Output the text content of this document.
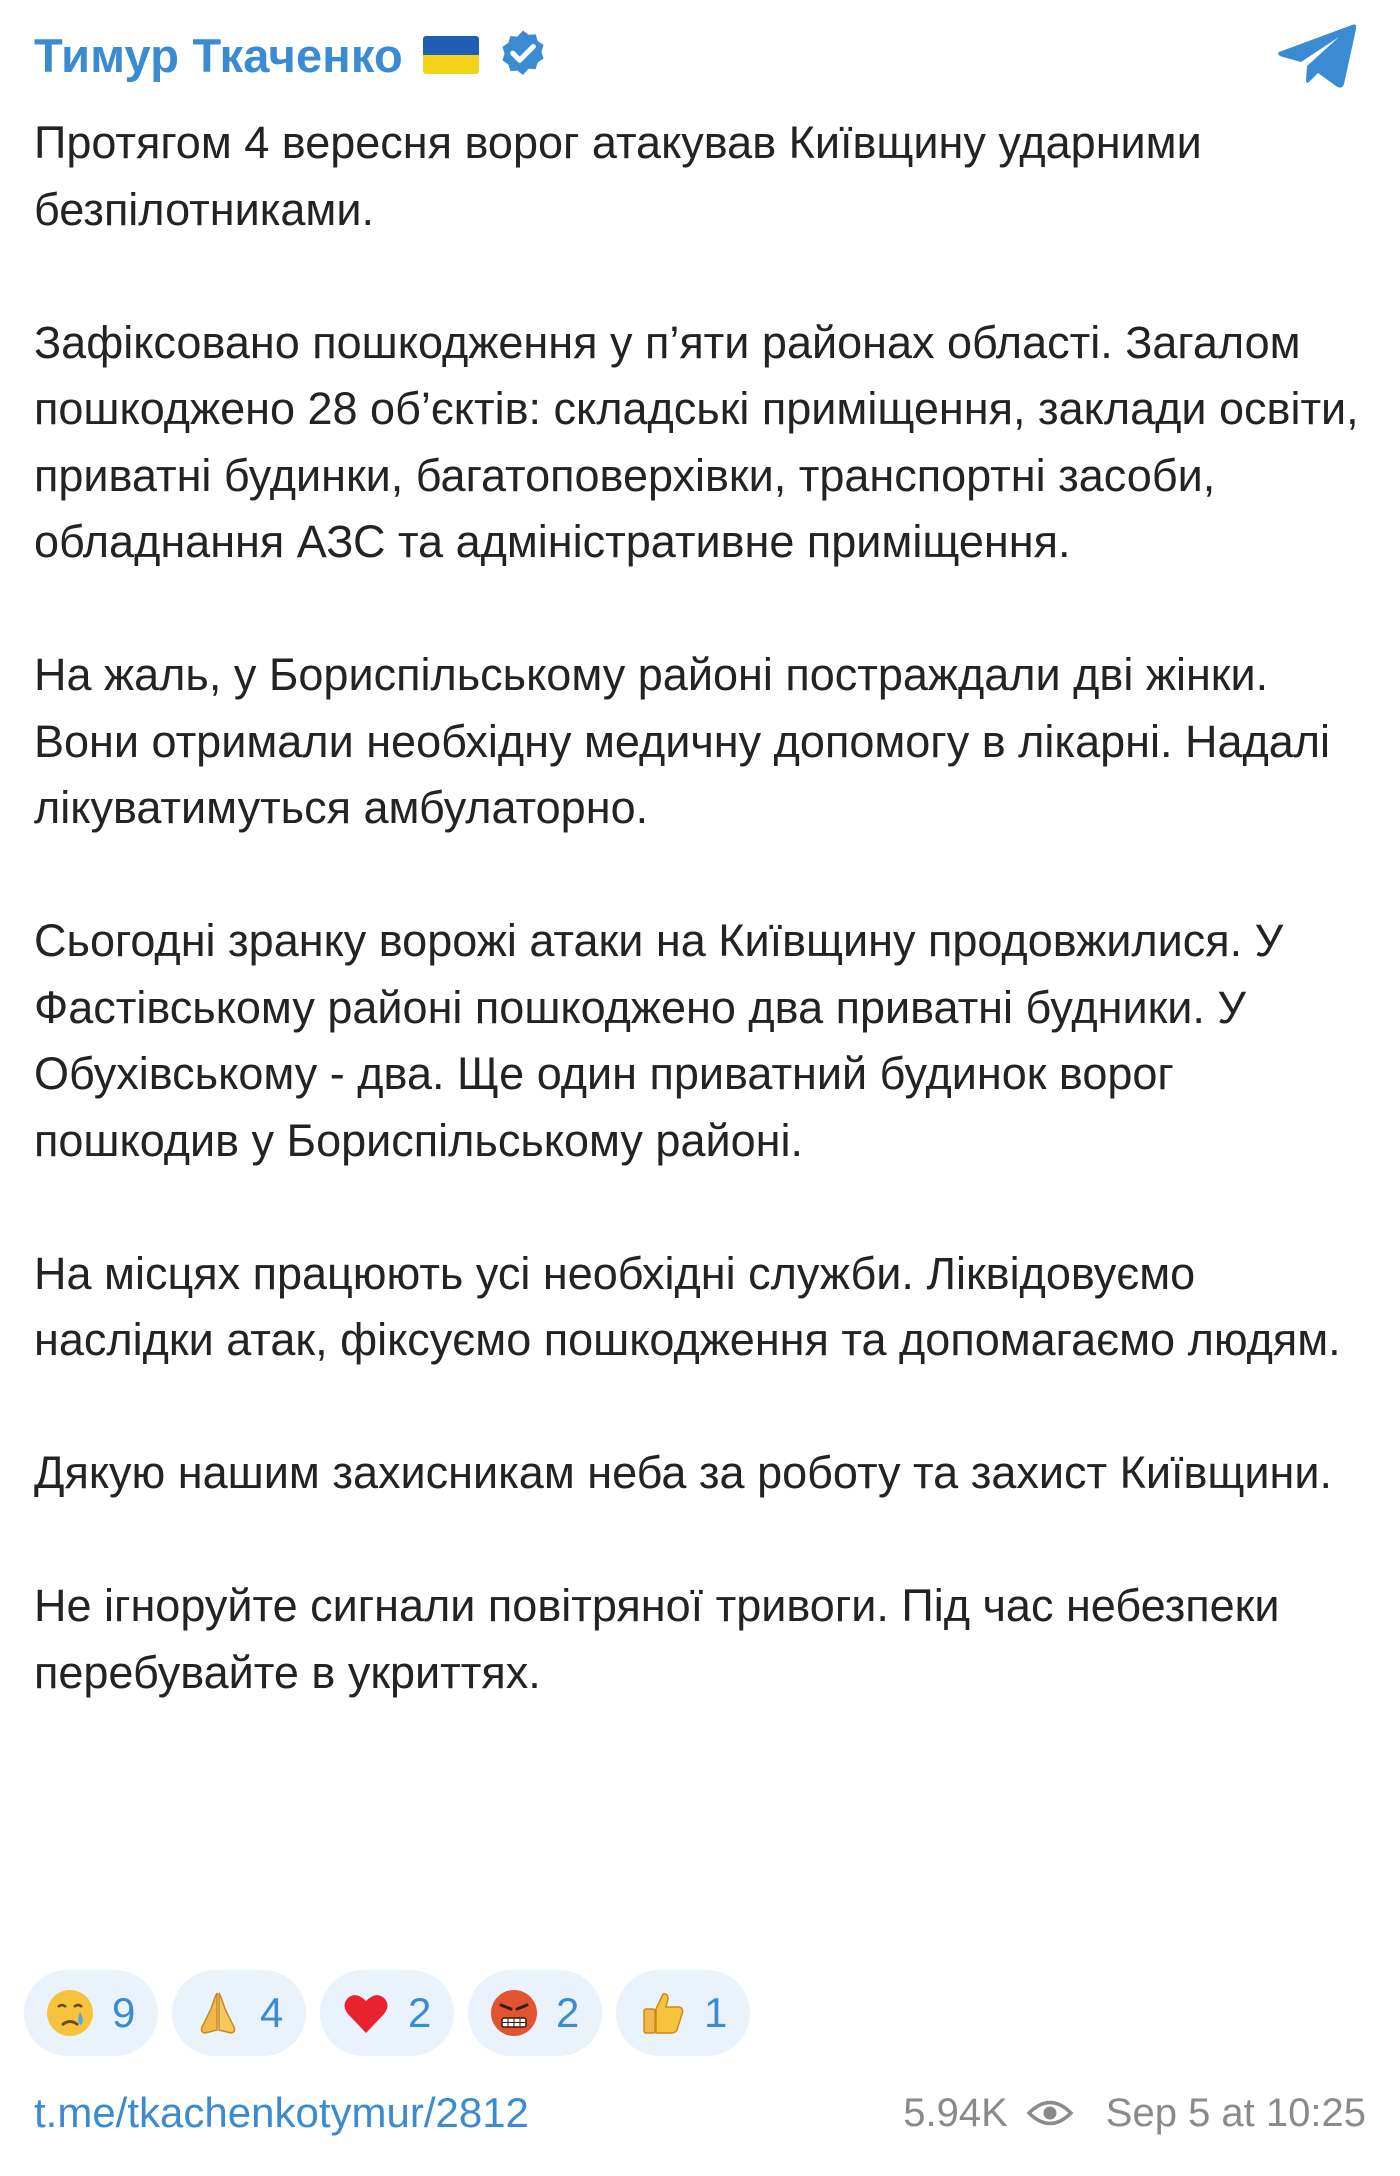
Тимур Ткаченко

Протягом 4 вересня ворог атакував Київщину ударними безпілотниками.

Зафіксовано пошкодження у п’яти районах області. Загалом пошкоджено 28 об’єктів: складські приміщення, заклади освіти, приватні будинки, багатоповерхівки, транспортні засоби, обладнання АЗС та адміністративне приміщення.

На жаль, у Бориспільському районі постраждали дві жінки. Вони отримали необхідну медичну допомогу в лікарні. Надалі лікуватимуться амбулаторно.

Сьогодні зранку ворожі атаки на Київщину продовжилися. У Фастівському районі пошкоджено два приватні будники. У Обухівському - два. Ще один приватний будинок ворог пошкодив у Бориспільському районі.

На місцях працюють усі необхідні служби. Ліквідовуємо наслідки атак, фіксуємо пошкодження та допомагаємо людям.

Дякую нашим захисникам неба за роботу та захист Київщини.

Не ігноруйте сигнали повітряної тривоги. Під час небезпеки перебувайте в укриттях.

9	4	2	2	1
t.me/tkachenkotymur/2812	5.94K Sep 5 at 10:25
